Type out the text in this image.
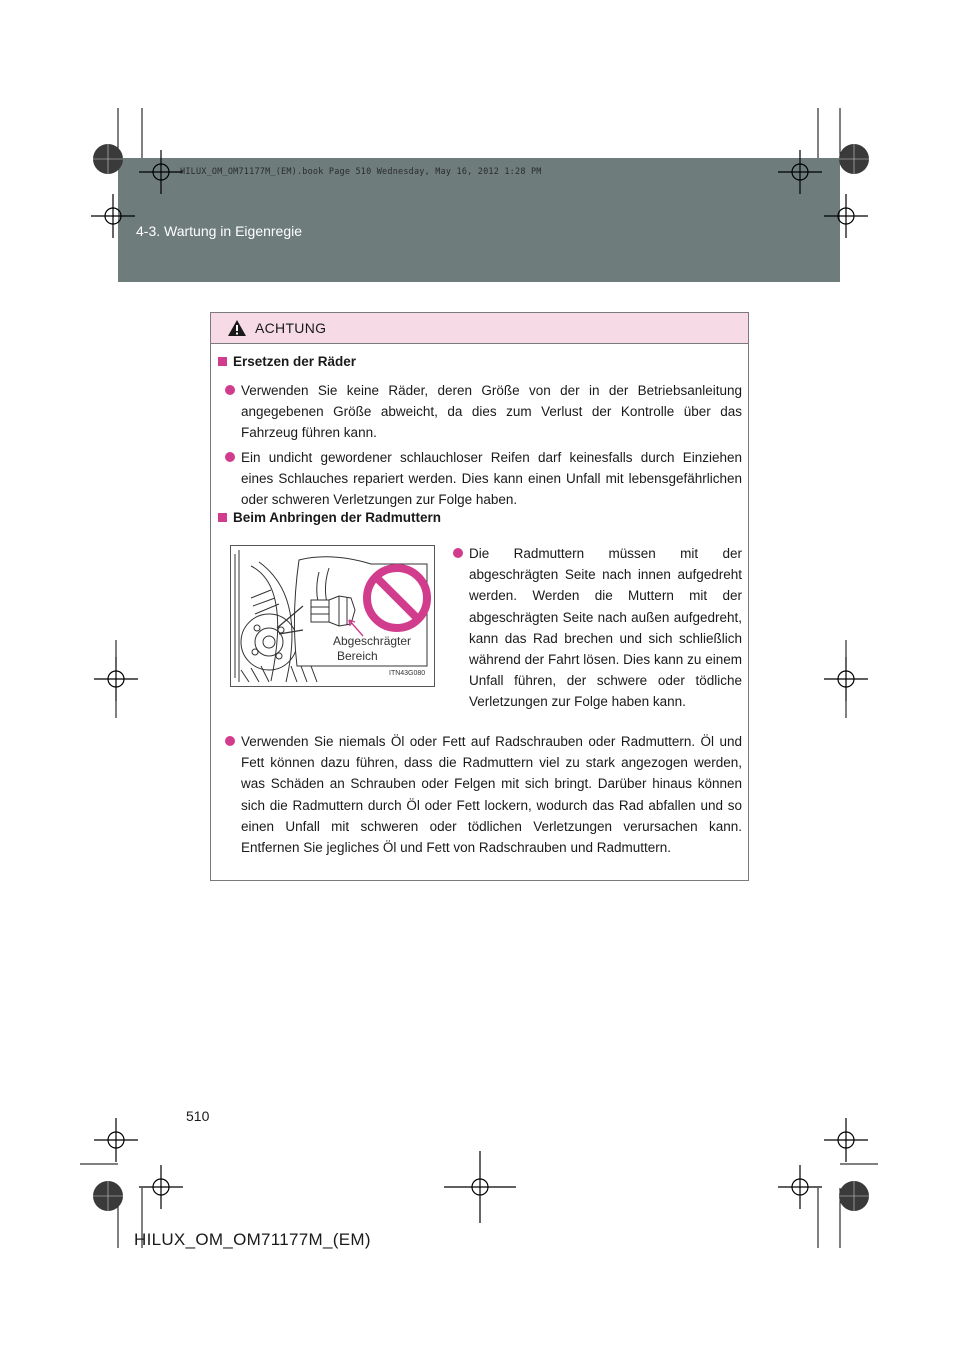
HILUX_OM_OM71177M_(EM).book Page 510 Wednesday, May 16, 2012 1:28 PM
4-3. Wartung in Eigenregie
ACHTUNG
Ersetzen der Räder
Verwenden Sie keine Räder, deren Größe von der in der Betriebsanleitung angegebenen Größe abweicht, da dies zum Verlust der Kontrolle über das Fahrzeug führen kann.
Ein undicht gewordener schlauchloser Reifen darf keinesfalls durch Einziehen eines Schlauches repariert werden. Dies kann einen Unfall mit lebensgefährlichen oder schweren Verletzungen zur Folge haben.
Beim Anbringen der Radmuttern
Abgeschrägter
Bereich
ITN43G080
Die Radmuttern müssen mit der abgeschrägten Seite nach innen aufgedreht werden. Werden die Muttern mit der abgeschrägten Seite nach außen aufgedreht, kann das Rad brechen und sich schließlich während der Fahrt lösen. Dies kann zu einem Unfall führen, der schwere oder tödliche Verletzungen zur Folge haben kann.
Verwenden Sie niemals Öl oder Fett auf Radschrauben oder Radmuttern. Öl und Fett können dazu führen, dass die Radmuttern viel zu stark angezogen werden, was Schäden an Schrauben oder Felgen mit sich bringt. Darüber hinaus können sich die Radmuttern durch Öl oder Fett lockern, wodurch das Rad abfallen und so einen Unfall mit schweren oder tödlichen Verletzungen verursachen kann. Entfernen Sie jegliches Öl und Fett von Radschrauben und Radmuttern.
510
HILUX_OM_OM71177M_(EM)
